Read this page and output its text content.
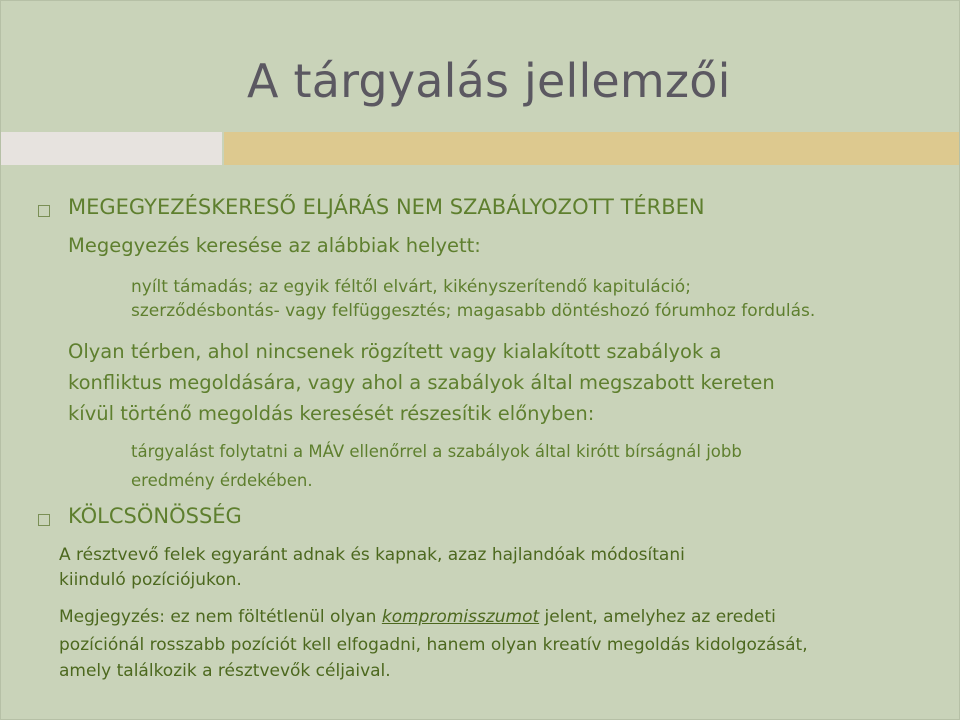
A tárgyalás jellemzői
MEGEGYEZÉSKERESŐ ELJÁRÁS NEM SZABÁLYOZOTT TÉRBEN
Megegyezés keresése az alábbiak helyett:
nyílt támadás; az egyik féltől elvárt, kikényszerítendő kapituláció;
szerződésbontás- vagy felfüggesztés; magasabb döntéshozó fórumhoz fordulás.
Olyan térben, ahol nincsenek rögzített vagy kialakított szabályok a
konfliktus megoldására, vagy ahol a szabályok által megszabott kereten
kívül történő megoldás keresését részesítik előnyben:
tárgyalást folytatni a MÁV ellenőrrel a szabályok által kirótt bírságnál jobb
eredmény érdekében.
KÖLCSÖNÖSSÉG
A résztvevő felek egyaránt adnak és kapnak, azaz hajlandóak módosítani
kiinduló pozíciójukon.
Megjegyzés: ez nem föltétlenül olyan kompromisszumot jelent, amelyhez az eredeti
pozíciónál rosszabb pozíciót kell elfogadni, hanem olyan kreatív megoldás kidolgozását,
amely találkozik a résztvevők céljaival.
